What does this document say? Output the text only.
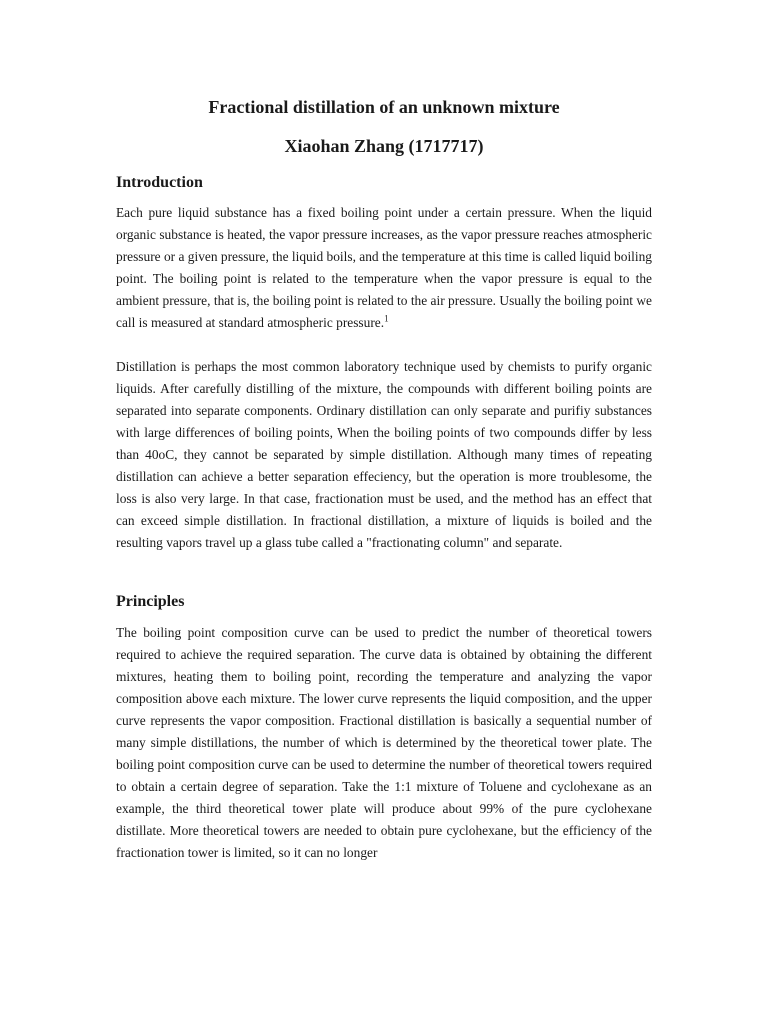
Fractional distillation of an unknown mixture
Xiaohan Zhang (1717717)
Introduction

Each pure liquid substance has a fixed boiling point under a certain pressure. When the liquid organic substance is heated, the vapor pressure increases, as the vapor pressure reaches atmospheric pressure or a given pressure, the liquid boils, and the temperature at this time is called liquid boiling point. The boiling point is related to the temperature when the vapor pressure is equal to the ambient pressure, that is, the boiling point is related to the air pressure. Usually the boiling point we call is measured at standard atmospheric pressure.$^1$

Distillation is perhaps the most common laboratory technique used by chemists to purify organic liquids. After carefully distilling of the mixture, the compounds with different boiling points are separated into separate components. Ordinary distillation can only separate and purifiy substances with large differences of boiling points, When the boiling points of two compounds differ by less than 40oC, they cannot be separated by simple distillation. Although many times of repeating distillation can achieve a better separation effeciency, but the operation is more troublesome, the loss is also very large. In that case, fractionation must be used, and the method has an effect that can exceed simple distillation. In fractional distillation, a mixture of liquids is boiled and the resulting vapors travel up a glass tube called a "fractionating column" and separate.

Principles

The boiling point composition curve can be used to predict the number of theoretical towers required to achieve the required separation. The curve data is obtained by obtaining the different mixtures, heating them to boiling point, recording the temperature and analyzing the vapor composition above each mixture. The lower curve represents the liquid composition, and the upper curve represents the vapor composition. Fractional distillation is basically a sequential number of many simple distillations, the number of which is determined by the theoretical tower plate. The boiling point composition curve can be used to determine the number of theoretical towers required to obtain a certain degree of separation. Take the 1:1 mixture of Toluene and cyclohexane as an example, the third theoretical tower plate will produce about 99% of the pure cyclohexane distillate. More theoretical towers are needed to obtain pure cyclohexane, but the efficiency of the fractionation tower is limited, so it can no longer
